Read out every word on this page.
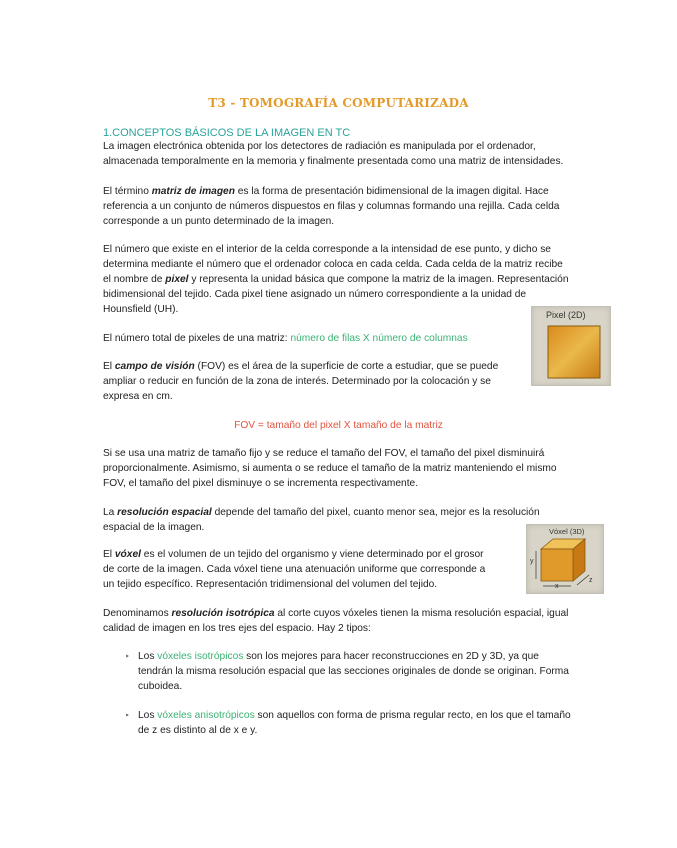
T3 - TOMOGRAFÍA COMPUTARIZADA

1.CONCEPTOS BÁSICOS DE LA IMAGEN EN TC

La imagen electrónica obtenida por los detectores de radiación es manipulada por el ordenador,
almacenada temporalmente en la memoria y finalmente presentada como una matriz de intensidades.

El término matriz de imagen es la forma de presentación bidimensional de la imagen digital. Hace
referencia a un conjunto de números dispuestos en filas y columnas formando una rejilla. Cada celda
corresponde a un punto determinado de la imagen.

El número que existe en el interior de la celda corresponde a la intensidad de ese punto, y dicho se
determina mediante el número que el ordenador coloca en cada celda. Cada celda de la matriz recibe
el nombre de pixel y representa la unidad básica que compone la matriz de la imagen. Representación
bidimensional del tejido. Cada pixel tiene asignado un número correspondiente a la unidad de
Hounsfield (UH).	Pixel (2D)

El número total de pixeles de una matriz: número de filas X número de columnas

El campo de visión (FOV) es el área de la superficie de corte a estudiar, que se puede
ampliar o reducir en función de la zona de interés. Determinado por la colocación y se
expresa en cm.

FOV = tamaño del pixel X tamaño de la matriz

Si se usa una matriz de tamaño fijo y se reduce el tamaño del FOV, el tamaño del pixel disminuirá
proporcionalmente. Asimismo, si aumenta o se reduce el tamaño de la matriz manteniendo el mismo
FOV, el tamaño del pixel disminuye o se incrementa respectivamente.

La resolución espacial depende del tamaño del pixel, cuanto menor sea, mejor es la resolución
espacial de la imagen.

El vóxel es el volumen de un tejido del organismo y viene determinado por el grosor
de corte de la imagen. Cada vóxel tiene una atenuación uniforme que corresponde a
un tejido específico. Representación tridimensional del volumen del tejido.

Vóxel (3D)
y
x
z

Denominamos resolución isotrópica al corte cuyos vóxeles tienen la misma resolución espacial, igual
calidad de imagen en los tres ejes del espacio. Hay 2 tipos:

‣ Los vóxeles isotrópicos son los mejores para hacer reconstrucciones en 2D y 3D, ya que
tendrán la misma resolución espacial que las secciones originales de donde se originan. Forma
cuboidea.
‣ Los vóxeles anisotrópicos son aquellos con forma de prisma regular recto, en los que el tamaño
de z es distinto al de x e y.
